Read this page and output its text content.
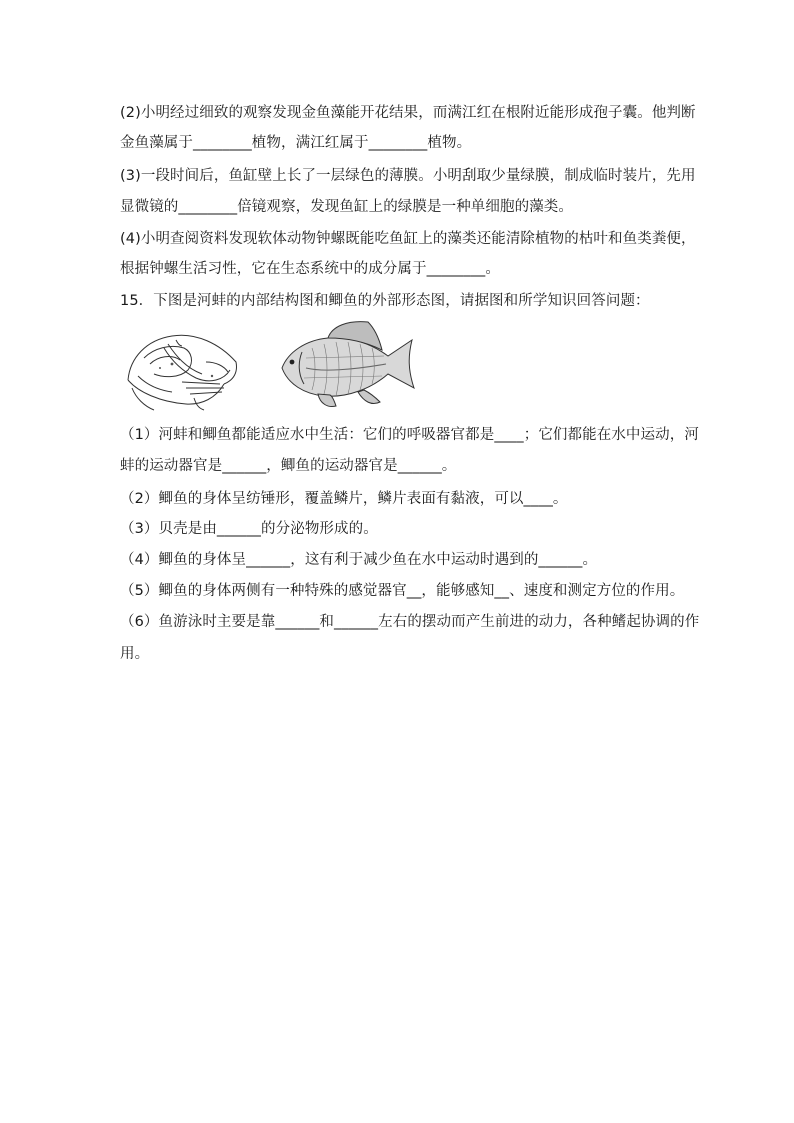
(2)小明经过细致的观察发现金鱼藻能开花结果，而满江红在根附近能形成孢子囊。他判断
金鱼藻属于________植物，满江红属于________植物。
(3)一段时间后，鱼缸壁上长了一层绿色的薄膜。小明刮取少量绿膜，制成临时装片，先用
显微镜的________倍镜观察，发现鱼缸上的绿膜是一种单细胞的藻类。
(4)小明查阅资料发现软体动物钟螺既能吃鱼缸上的藻类还能清除植物的枯叶和鱼类粪便，
根据钟螺生活习性，它在生态系统中的成分属于________。
15．下图是河蚌的内部结构图和鲫鱼的外部形态图，请据图和所学知识回答问题：
（1）河蚌和鲫鱼都能适应水中生活：它们的呼吸器官都是____；它们都能在水中运动，河
蚌的运动器官是______，鲫鱼的运动器官是______。
（2）鲫鱼的身体呈纺锤形，覆盖鳞片，鳞片表面有黏液，可以____。
（3）贝壳是由______的分泌物形成的。
（4）鲫鱼的身体呈______，这有利于减少鱼在水中运动时遇到的______。
（5）鲫鱼的身体两侧有一种特殊的感觉器官__，能够感知__、速度和测定方位的作用。
（6）鱼游泳时主要是靠______和______左右的摆动而产生前进的动力，各种鳍起协调的作
用。
